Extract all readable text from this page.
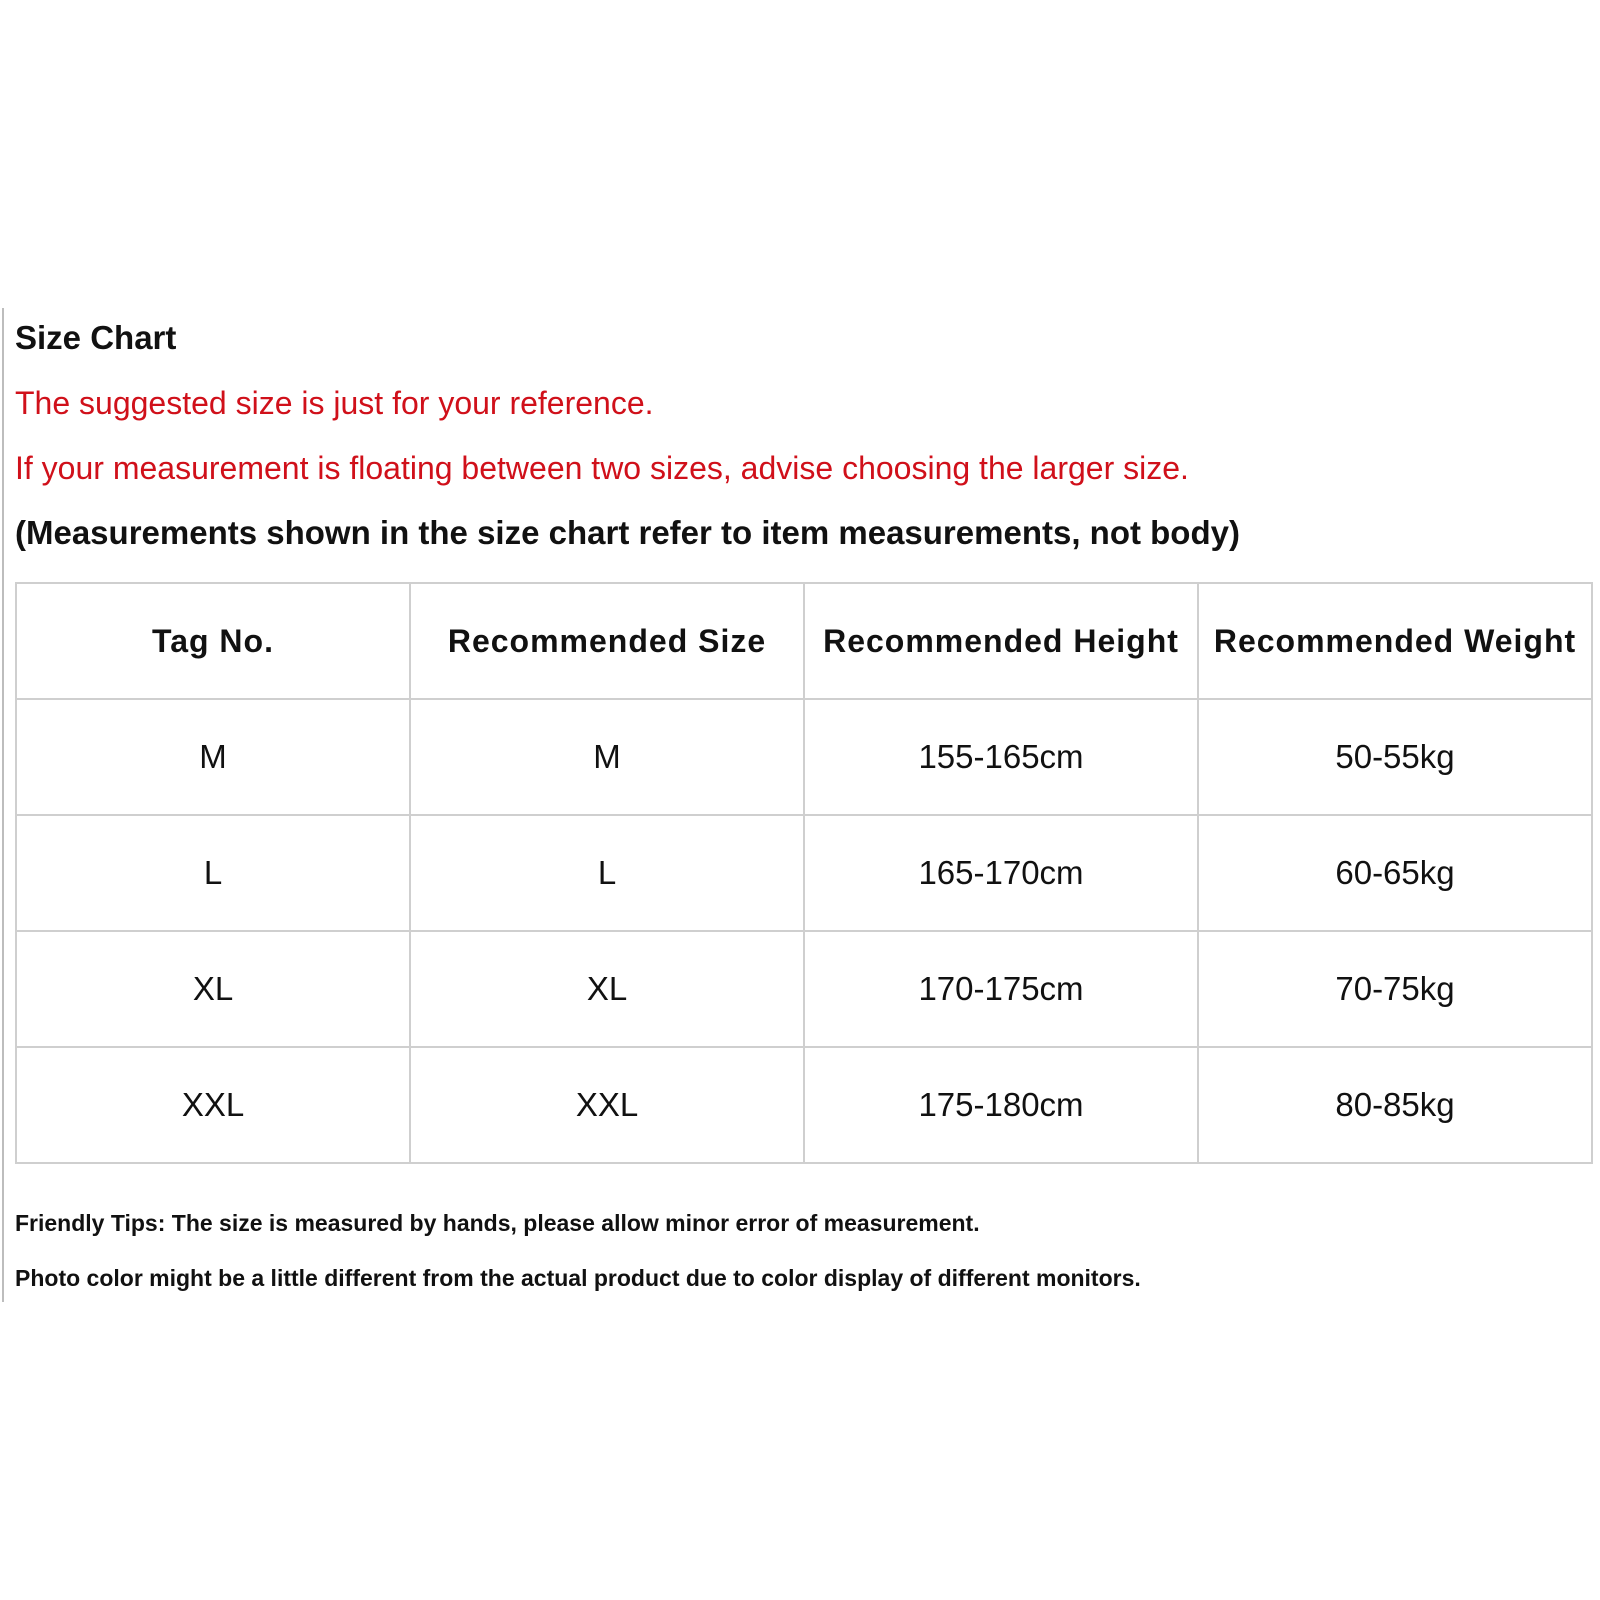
Size Chart
The suggested size is just for your reference.
If your measurement is floating between two sizes, advise choosing the larger size.
(Measurements shown in the size chart refer to item measurements, not body)
Tag No.	Recommended Size	Recommended Height	Recommended Weight
M	M	155-165cm	50-55kg
L	L	165-170cm	60-65kg
XL	XL	170-175cm	70-75kg
XXL	XXL	175-180cm	80-85kg
Friendly Tips: The size is measured by hands, please allow minor error of measurement.
Photo color might be a little different from the actual product due to color display of different monitors.
